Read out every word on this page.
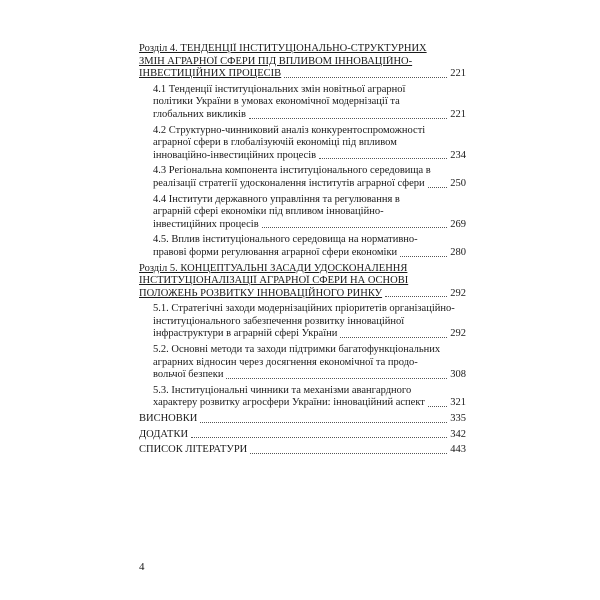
Розділ 4. ТЕНДЕНЦІЇ ІНСТИТУЦІОНАЛЬНО-СТРУКТУРНИХ
ЗМІН АГРАРНОЇ СФЕРИ ПІД ВПЛИВОМ ІННОВАЦІЙНО-
ІНВЕСТИЦІЙНИХ ПРОЦЕСІВ	221
4.1 Тенденції інституціональних змін новітньої аграрної
політики України в умовах економічної модернізації та
глобальних викликів	221
4.2 Структурно-чинниковий аналіз конкурентоспроможності
аграрної сфери в глобалізуючій економіці під впливом
інноваційно-інвестиційних процесів	234
4.3 Регіональна компонента інституціонального середовища в
реалізації стратегії удосконалення інститутів аграрної сфери 250
4.4 Інститути державного управління та регулювання в
аграрній сфері економіки під впливом інноваційно-
інвестиційних процесів	269
4.5. Вплив інституціонального середовища на нормативно-
правові форми регулювання аграрної сфери економіки	280
Розділ 5. КОНЦЕПТУАЛЬНІ ЗАСАДИ УДОСКОНАЛЕННЯ
ІНСТИТУЦІОНАЛІЗАЦІЇ АГРАРНОЇ СФЕРИ НА ОСНОВІ
ПОЛОЖЕНЬ РОЗВИТКУ ІННОВАЦІЙНОГО РИНКУ	292
5.1. Стратегічні заходи модернізаційних пріоритетів організаційно-
інституціонального забезпечення розвитку інноваційної
інфраструктури в аграрній сфері України	292
5.2. Основні методи та заходи підтримки багатофункціональних
аграрних відносин через досягнення економічної та продо-
вольчої безпеки	308
5.3. Інституціональні чинники та механізми авангардного
характеру розвитку агросфери України: інноваційний аспект 321
ВИСНОВКИ	335
ДОДАТКИ	342
СПИСОК ЛІТЕРАТУРИ	443
4
